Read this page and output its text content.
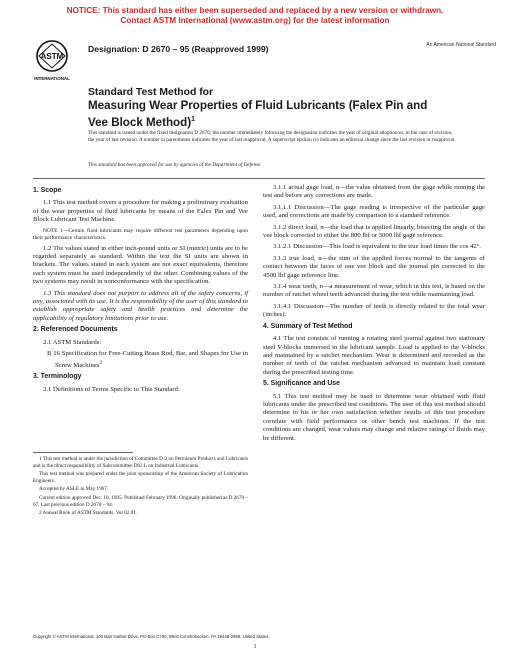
NOTICE: This standard has either been superseded and replaced by a new version or withdrawn.
Contact ASTM International (www.astm.org) for the latest information
ASTM
INTERNATIONAL
Designation: D 2670 – 95 (Reapproved 1999)	An American National Standard
Standard Test Method for
Measuring Wear Properties of Fluid Lubricants (Falex Pin and Vee Block Method)$^1$
This standard is issued under the fixed designation D 2670; the number immediately following the designation indicates the year of original adoption or, in the case of revision, the year of last revision. A number in parentheses indicates the year of last reapproval. A superscript epsilon (ε) indicates an editorial change since the last revision or reapproval.
This standard has been approved for use by agencies of the Department of Defense.
1. Scope

1.1 This test method covers a procedure for making a preliminary evaluation of the wear properties of fluid lubricants by means of the Falex Pin and Vee Block Lubricant Test Machine.

NOTE 1—Certain fluid lubricants may require different test parameters depending upon their performance characteristics.

1.2 The values stated in either inch-pound units or SI (metric) units are to be regarded separately as standard. Within the text the SI units are shown in brackets. The values stated in each system are not exact equivalents, therefore each system must be used independently of the other. Combining values of the two systems may result in nonconformance with the specification.

1.3 This standard does not purport to address all of the safety concerns, if any, associated with its use. It is the responsibility of the user of this standard to establish appropriate safety and health practices and determine the applicability of regulatory limitations prior to use.

2. Referenced Documents

2.1 ASTM Standards:

B 16 Specification for Free-Cutting Brass Rod, Bar, and Shapes for Use in Screw Machines$^2$

3. Terminology

3.1 Definitions of Terms Specific to This Standard:

1 This test method is under the jurisdiction of Committee D-2 on Petroleum Products and Lubricants and is the direct responsibility of Subcommittee D02.L on Industrial Lubricants.

This test method was prepared under the joint sponsorship of the American Society of Lubrication Engineers.

Accepted by ASLE in May 1967.

Current edition approved Dec. 10, 1995. Published February 1996. Originally published as D 2670 – 67. Last previous edition D 2670 – 94.

2 Annual Book of ASTM Standards, Vol 02.01.

3.1.1 actual gage load, n—the value obtained from the gage while running the test and before any corrections are made.

3.1.1.1 Discussion—The gage reading is irrespective of the particular gage used, and corrections are made by comparison to a standard reference.

3.1.2 direct load, n—the load that is applied linearly, bisecting the angle of the vee block corrected to either the 800 lbf or 3000 lbf gage reference.

3.1.2.1 Discussion—This load is equivalent to the true load times the cos 42°.

3.1.3 true load, n—the sum of the applied forces normal to the tangents of contact between the faces of one vee block and the journal pin corrected to the 4500 lbf gage reference line.

3.1.4 wear teeth, n—a measurement of wear, which in this test, is based on the number of ratchet wheel teeth advanced during the test while maintaining load.

3.1.4.1 Discussion—The number of teeth is directly related to the total wear (inches).

4. Summary of Test Method

4.1 The test consists of running a rotating steel journal against two stationary steel V-blocks immersed in the lubricant sample. Load is applied to the V-blocks and maintained by a ratchet mechanism. Wear is determined and recorded as the number of teeth of the ratchet mechanism advanced to maintain load constant during the prescribed testing time.

5. Significance and Use

5.1 This test method may be used to determine wear obtained with fluid lubricants under the prescribed test conditions. The user of this test method should determine to his or her own satisfaction whether results of this test procedure correlate with field performance or other bench test machines. If the test conditions are changed, wear values may change and relative ratings of fluids may be different.

Copyright © ASTM International, 100 Barr Harbor Drive, PO Box C700, West Conshohocken, PA 19428-2959, United States.
1
